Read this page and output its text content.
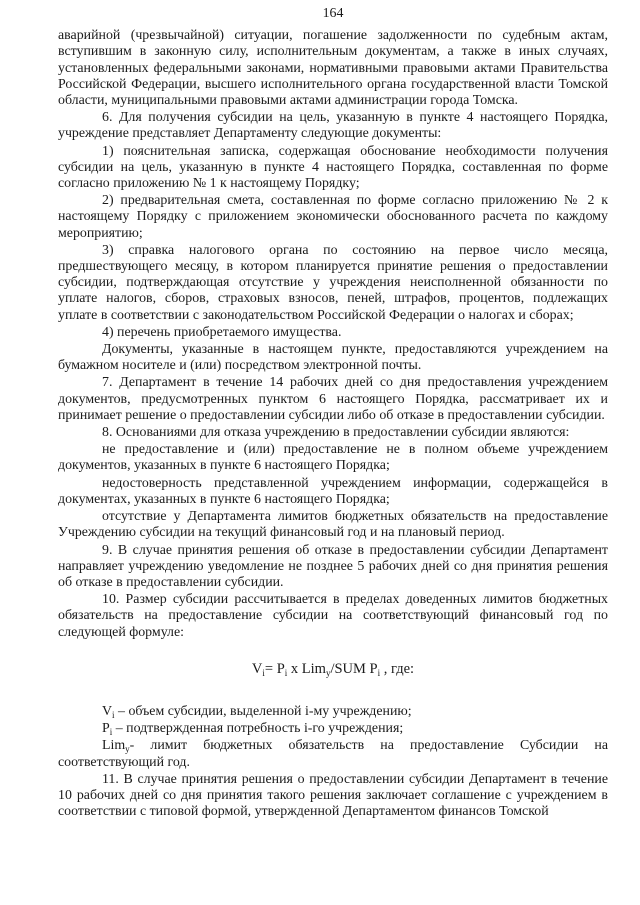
164

аварийной (чрезвычайной) ситуации, погашение задолженности по судебным актам, вступившим в законную силу, исполнительным документам, а также в иных случаях, установленных федеральными законами, нормативными правовыми актами Правительства Российской Федерации, высшего исполнительного органа государственной власти Томской области, муниципальными правовыми актами администрации города Томска.

6. Для получения субсидии на цель, указанную в пункте 4 настоящего Порядка, учреждение представляет Департаменту следующие документы:

1) пояснительная записка, содержащая обоснование необходимости получения субсидии на цель, указанную в пункте 4 настоящего Порядка, составленная по форме согласно приложению № 1 к настоящему Порядку;

2) предварительная смета, составленная по форме согласно приложению № 2 к настоящему Порядку с приложением экономически обоснованного расчета по каждому мероприятию;

3) справка налогового органа по состоянию на первое число месяца, предшествующего месяцу, в котором планируется принятие решения о предоставлении субсидии, подтверждающая отсутствие у учреждения неисполненной обязанности по уплате налогов, сборов, страховых взносов, пеней, штрафов, процентов, подлежащих уплате в соответствии с законодательством Российской Федерации о налогах и сборах;

4) перечень приобретаемого имущества.

Документы, указанные в настоящем пункте, предоставляются учреждением на бумажном носителе и (или) посредством электронной почты.

7. Департамент в течение 14 рабочих дней со дня предоставления учреждением документов, предусмотренных пунктом 6 настоящего Порядка, рассматривает их и принимает решение о предоставлении субсидии либо об отказе в предоставлении субсидии.

8. Основаниями для отказа учреждению в предоставлении субсидии являются:

не предоставление и (или) предоставление не в полном объеме учреждением документов, указанных в пункте 6 настоящего Порядка;

недостоверность представленной учреждением информации, содержащейся в документах, указанных в пункте 6 настоящего Порядка;

отсутствие у Департамента лимитов бюджетных обязательств на предоставление Учреждению субсидии на текущий финансовый год и на плановый период.

9. В случае принятия решения об отказе в предоставлении субсидии Департамент направляет учреждению уведомление не позднее 5 рабочих дней со дня принятия решения об отказе в предоставлении субсидии.

10. Размер субсидии рассчитывается в пределах доведенных лимитов бюджетных обязательств на предоставление субсидии на соответствующий финансовый год по следующей формуле:

$V_i= P_i$ x Lim$_y$/SUM $P_i$ , где:

$V_i$ – объем субсидии, выделенной i-му учреждению;

$P_i$ – подтвержденная потребность i-го учреждения;

Lim$_y$- лимит бюджетных обязательств на предоставление Субсидии на соответствующий год.

11. В случае принятия решения о предоставлении субсидии Департамент в течение 10 рабочих дней со дня принятия такого решения заключает соглашение с учреждением в соответствии с типовой формой, утвержденной Департаментом финансов Томской
